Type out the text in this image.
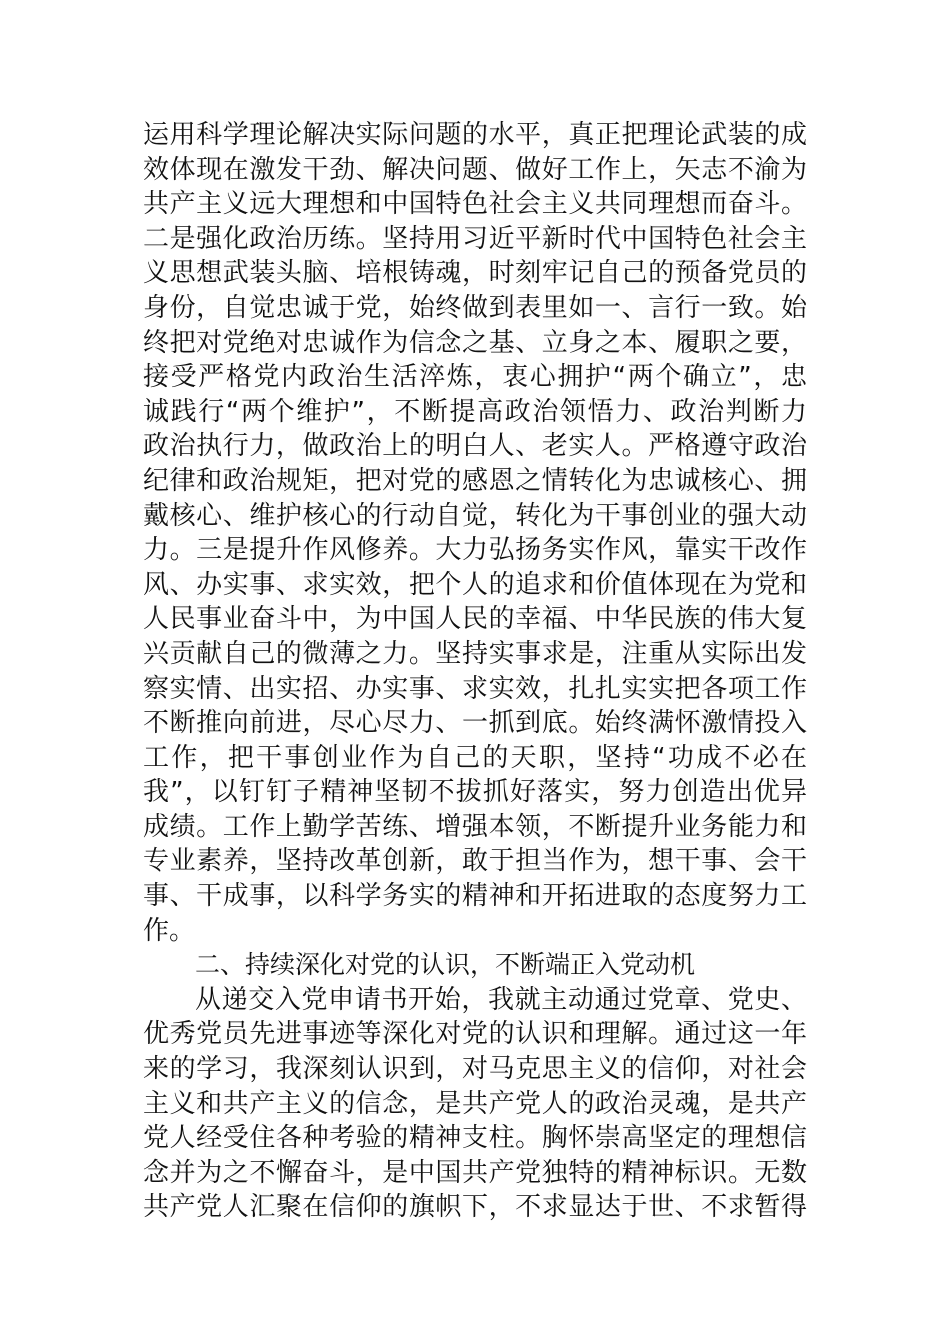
运用科学理论解决实际问题的水平，真正把理论武装的成
效体现在激发干劲、解决问题、做好工作上，矢志不渝为
共产主义远大理想和中国特色社会主义共同理想而奋斗。
二是强化政治历练。坚持用习近平新时代中国特色社会主
义思想武装头脑、培根铸魂，时刻牢记自己的预备党员的
身份，自觉忠诚于党，始终做到表里如一、言行一致。始
终把对党绝对忠诚作为信念之基、立身之本、履职之要，
接受严格党内政治生活淬炼，衷心拥护“两个确立”，忠
诚践行“两个维护”，不断提高政治领悟力、政治判断力
政治执行力，做政治上的明白人、老实人。严格遵守政治
纪律和政治规矩，把对党的感恩之情转化为忠诚核心、拥
戴核心、维护核心的行动自觉，转化为干事创业的强大动
力。三是提升作风修养。大力弘扬务实作风，靠实干改作
风、办实事、求实效，把个人的追求和价值体现在为党和
人民事业奋斗中，为中国人民的幸福、中华民族的伟大复
兴贡献自己的微薄之力。坚持实事求是，注重从实际出发
察实情、出实招、办实事、求实效，扎扎实实把各项工作
不断推向前进，尽心尽力、一抓到底。始终满怀激情投入
工作，把干事创业作为自己的天职，坚持“功成不必在
我”，以钉钉子精神坚韧不拔抓好落实，努力创造出优异
成绩。工作上勤学苦练、增强本领，不断提升业务能力和
专业素养，坚持改革创新，敢于担当作为，想干事、会干
事、干成事，以科学务实的精神和开拓进取的态度努力工
作。
二、持续深化对党的认识，不断端正入党动机
从递交入党申请书开始，我就主动通过党章、党史、
优秀党员先进事迹等深化对党的认识和理解。通过这一年
来的学习，我深刻认识到，对马克思主义的信仰，对社会
主义和共产主义的信念，是共产党人的政治灵魂，是共产
党人经受住各种考验的精神支柱。胸怀崇高坚定的理想信
念并为之不懈奋斗，是中国共产党独特的精神标识。无数
共产党人汇聚在信仰的旗帜下，不求显达于世、不求暂得
